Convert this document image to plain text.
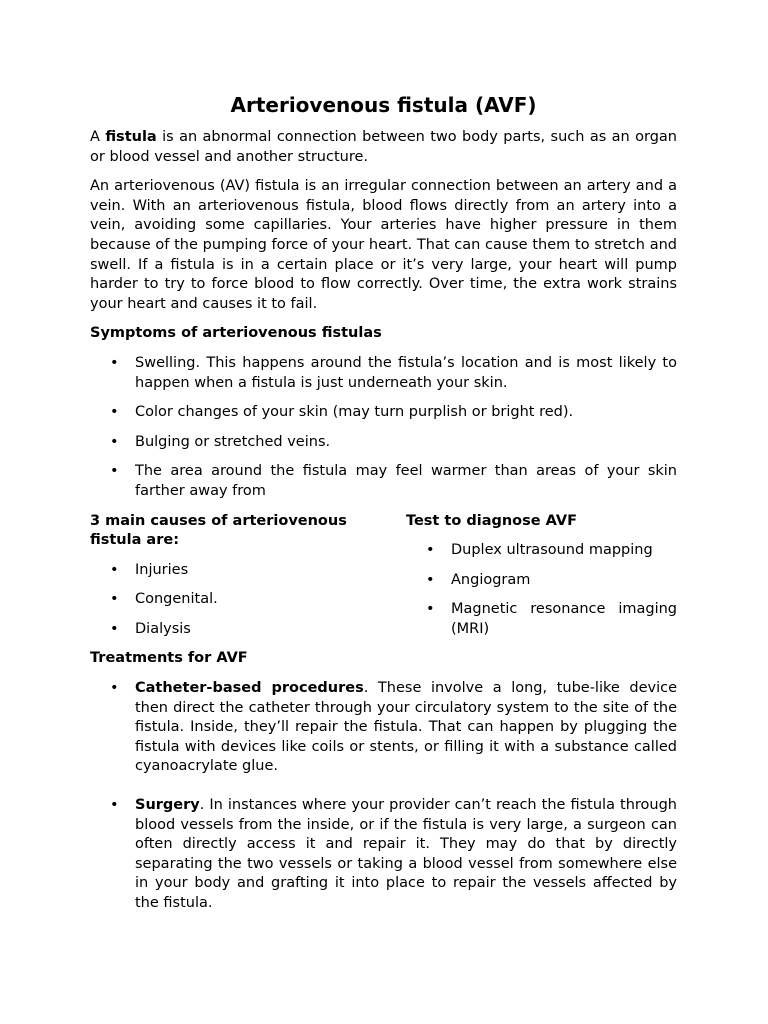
Arteriovenous fistula (AVF)

A fistula is an abnormal connection between two body parts, such as an organ or blood vessel and another structure.

An arteriovenous (AV) fistula is an irregular connection between an artery and a vein. With an arteriovenous fistula, blood flows directly from an artery into a vein, avoiding some capillaries. Your arteries have higher pressure in them because of the pumping force of your heart. That can cause them to stretch and swell. If a fistula is in a certain place or it’s very large, your heart will pump harder to try to force blood to flow correctly. Over time, the extra work strains your heart and causes it to fail.

Symptoms of arteriovenous fistulas
• Swelling. This happens around the fistula’s location and is most likely to happen when a fistula is just underneath your skin.
• Color changes of your skin (may turn purplish or bright red).
• Bulging or stretched veins.
• The area around the fistula may feel warmer than areas of your skin farther away from
3 main causes of arteriovenous fistula are:
• Injuries
• Congenital.
• Dialysis
Test to diagnose AVF
• Duplex ultrasound mapping
• Angiogram
• Magnetic resonance imaging (MRI)
Treatments for AVF
• Catheter-based procedures. These involve a long, tube-like device then direct the catheter through your circulatory system to the site of the fistula. Inside, they’ll repair the fistula. That can happen by plugging the fistula with devices like coils or stents, or filling it with a substance called cyanoacrylate glue.
• Surgery. In instances where your provider can’t reach the fistula through blood vessels from the inside, or if the fistula is very large, a surgeon can often directly access it and repair it. They may do that by directly separating the two vessels or taking a blood vessel from somewhere else in your body and grafting it into place to repair the vessels affected by the fistula.
